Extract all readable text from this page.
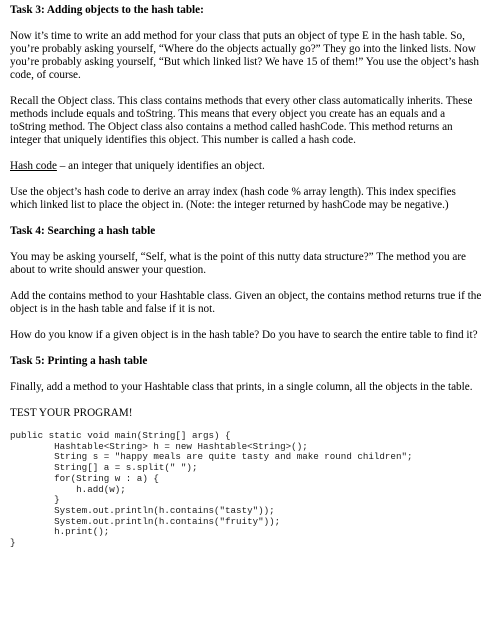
Task 3: Adding objects to the hash table:

Now it’s time to write an add method for your class that puts an object of type E in the hash table. So, you’re probably asking yourself, “Where do the objects actually go?” They go into the linked lists. Now you’re probably asking yourself, “But which linked list? We have 15 of them!” You use the object’s hash code, of course.

Recall the Object class. This class contains methods that every other class automatically inherits. These methods include equals and toString. This means that every object you create has an equals and a toString method. The Object class also contains a method called hashCode. This method returns an integer that uniquely identifies this object. This number is called a hash code.

Hash code – an integer that uniquely identifies an object.

Use the object’s hash code to derive an array index (hash code % array length). This index specifies which linked list to place the object in. (Note: the integer returned by hashCode may be negative.)

Task 4: Searching a hash table

You may be asking yourself, “Self, what is the point of this nutty data structure?” The method you are about to write should answer your question.

Add the contains method to your Hashtable class. Given an object, the contains method returns true if the object is in the hash table and false if it is not.

How do you know if a given object is in the hash table? Do you have to search the entire table to find it?

Task 5: Printing a hash table

Finally, add a method to your Hashtable class that prints, in a single column, all the objects in the table.

TEST YOUR PROGRAM!

public static void main(String[] args) {
Hashtable<String> h = new Hashtable<String>();
String s = "happy meals are quite tasty and make round children";
String[] a = s.split(" ");
for(String w : a) {
h.add(w);
}
System.out.println(h.contains("tasty"));
System.out.println(h.contains("fruity"));
h.print();
}
